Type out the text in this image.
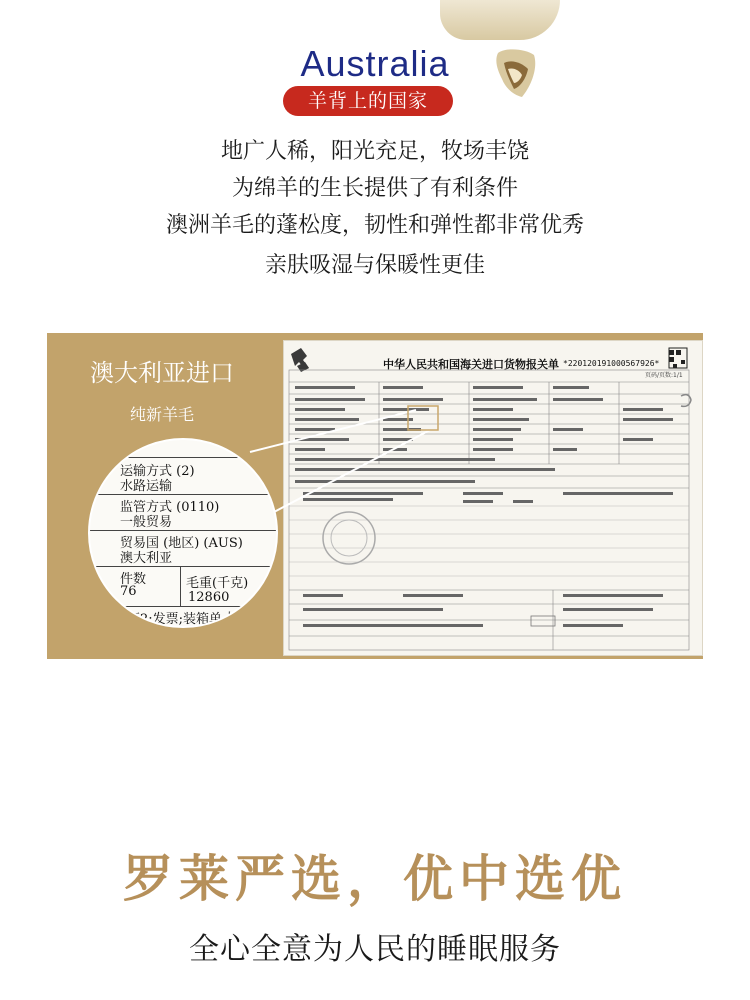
Australia
羊背上的国家
地广人稀，阳光充足，牧场丰饶
为绵羊的生长提供了有利条件
澳洲羊毛的蓬松度，韧性和弹性都非常优秀
亲肤吸湿与保暖性更佳
澳大利亚进口
纯新羊毛
中华人民共和国海关进口货物报关单 *220120191000567926*
页码/页数:1/1
运输方式 (2)
水路运输
监管方式 (0110)
一般贸易
贸易国 (地区) (AUS)
澳大利亚
件数	毛重(千克)
76	12860
单证2:发票;装箱单;提
罗莱严选，优中选优
全心全意为人民的睡眠服务
